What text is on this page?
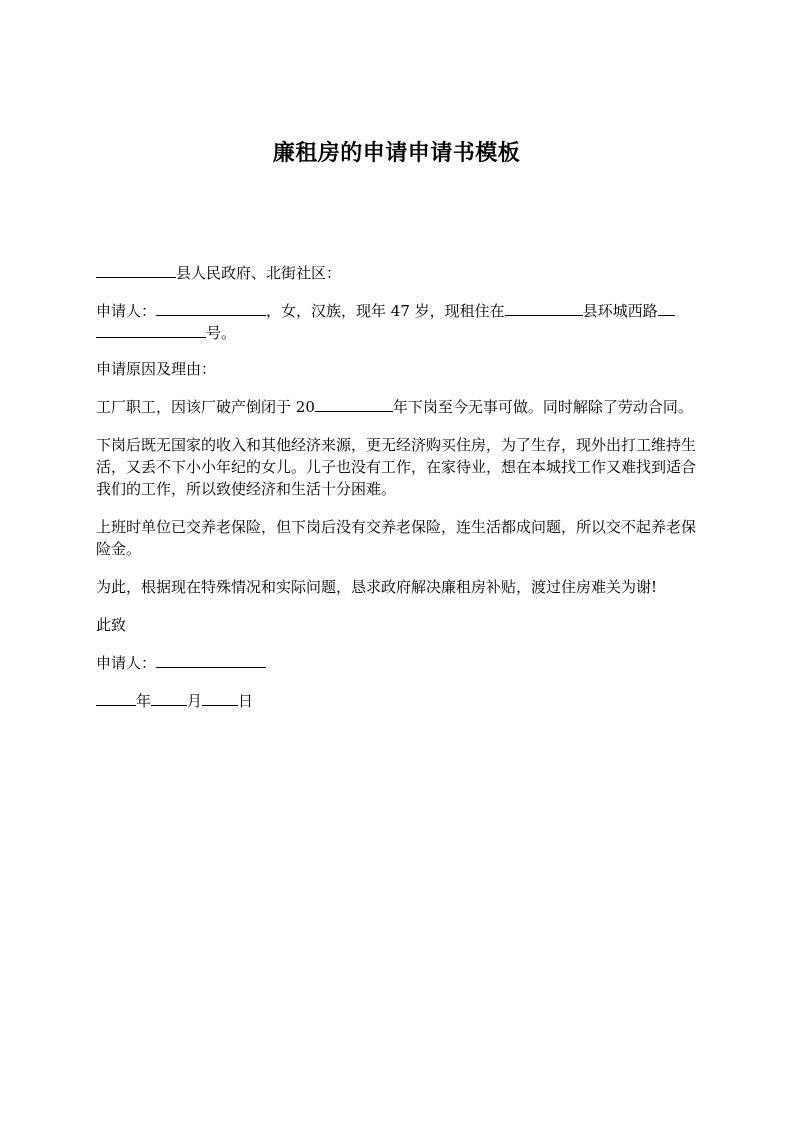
廉租房的申请申请书模板

县人民政府、北街社区：

申请人：	，女，汉族，现年 47 岁，现租住在	县环城西路
号。

申请原因及理由：

工厂职工，因该厂破产倒闭于 20	年下岗至今无事可做。同时解除了劳动合同。

下岗后既无国家的收入和其他经济来源，更无经济购买住房，为了生存，现外出打工维持生活，又丢不下小小年纪的女儿。儿子也没有工作，在家待业，想在本城找工作又难找到适合我们的工作，所以致使经济和生活十分困难。

上班时单位已交养老保险，但下岗后没有交养老保险，连生活都成问题，所以交不起养老保险金。

为此，根据现在特殊情况和实际问题，恳求政府解决廉租房补贴，渡过住房难关为谢!

此致

申请人：

年 月 日
